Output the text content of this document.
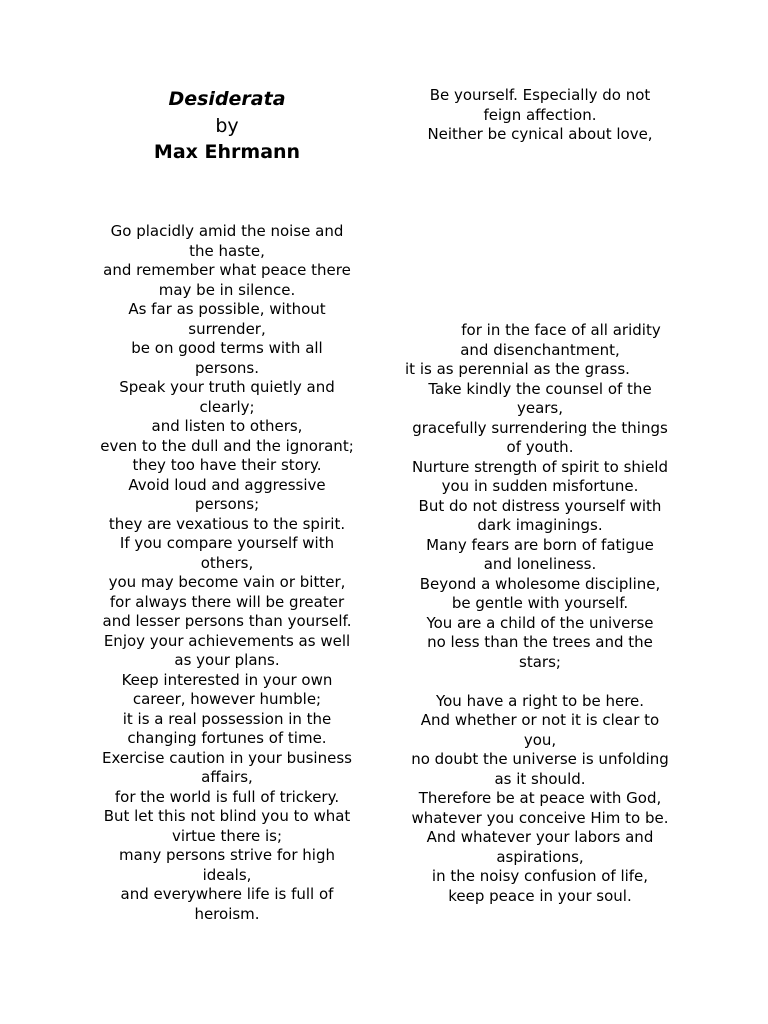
Desiderata
by
Max Ehrmann
Go placidly amid the noise and
the haste,
and remember what peace there
may be in silence.
As far as possible, without
surrender,
be on good terms with all
persons.
Speak your truth quietly and
clearly;
and listen to others,
even to the dull and the ignorant;
they too have their story.
Avoid loud and aggressive
persons;
they are vexatious to the spirit.
If you compare yourself with
others,
you may become vain or bitter,
for always there will be greater
and lesser persons than yourself.
Enjoy your achievements as well
as your plans.
Keep interested in your own
career, however humble;
it is a real possession in the
changing fortunes of time.
Exercise caution in your business
affairs,
for the world is full of trickery.
But let this not blind you to what
virtue there is;
many persons strive for high
ideals,
and everywhere life is full of
heroism.
Be yourself. Especially do not
feign affection.
Neither be cynical about love,
for in the face of all aridity
and disenchantment,
it is as perennial as the grass.
Take kindly the counsel of the
years,
gracefully surrendering the things
of youth.
Nurture strength of spirit to shield
you in sudden misfortune.
But do not distress yourself with
dark imaginings.
Many fears are born of fatigue
and loneliness.
Beyond a wholesome discipline,
be gentle with yourself.
You are a child of the universe
no less than the trees and the
stars;
You have a right to be here.
And whether or not it is clear to
you,
no doubt the universe is unfolding
as it should.
Therefore be at peace with God,
whatever you conceive Him to be.
And whatever your labors and
aspirations,
in the noisy confusion of life,
keep peace in your soul.
